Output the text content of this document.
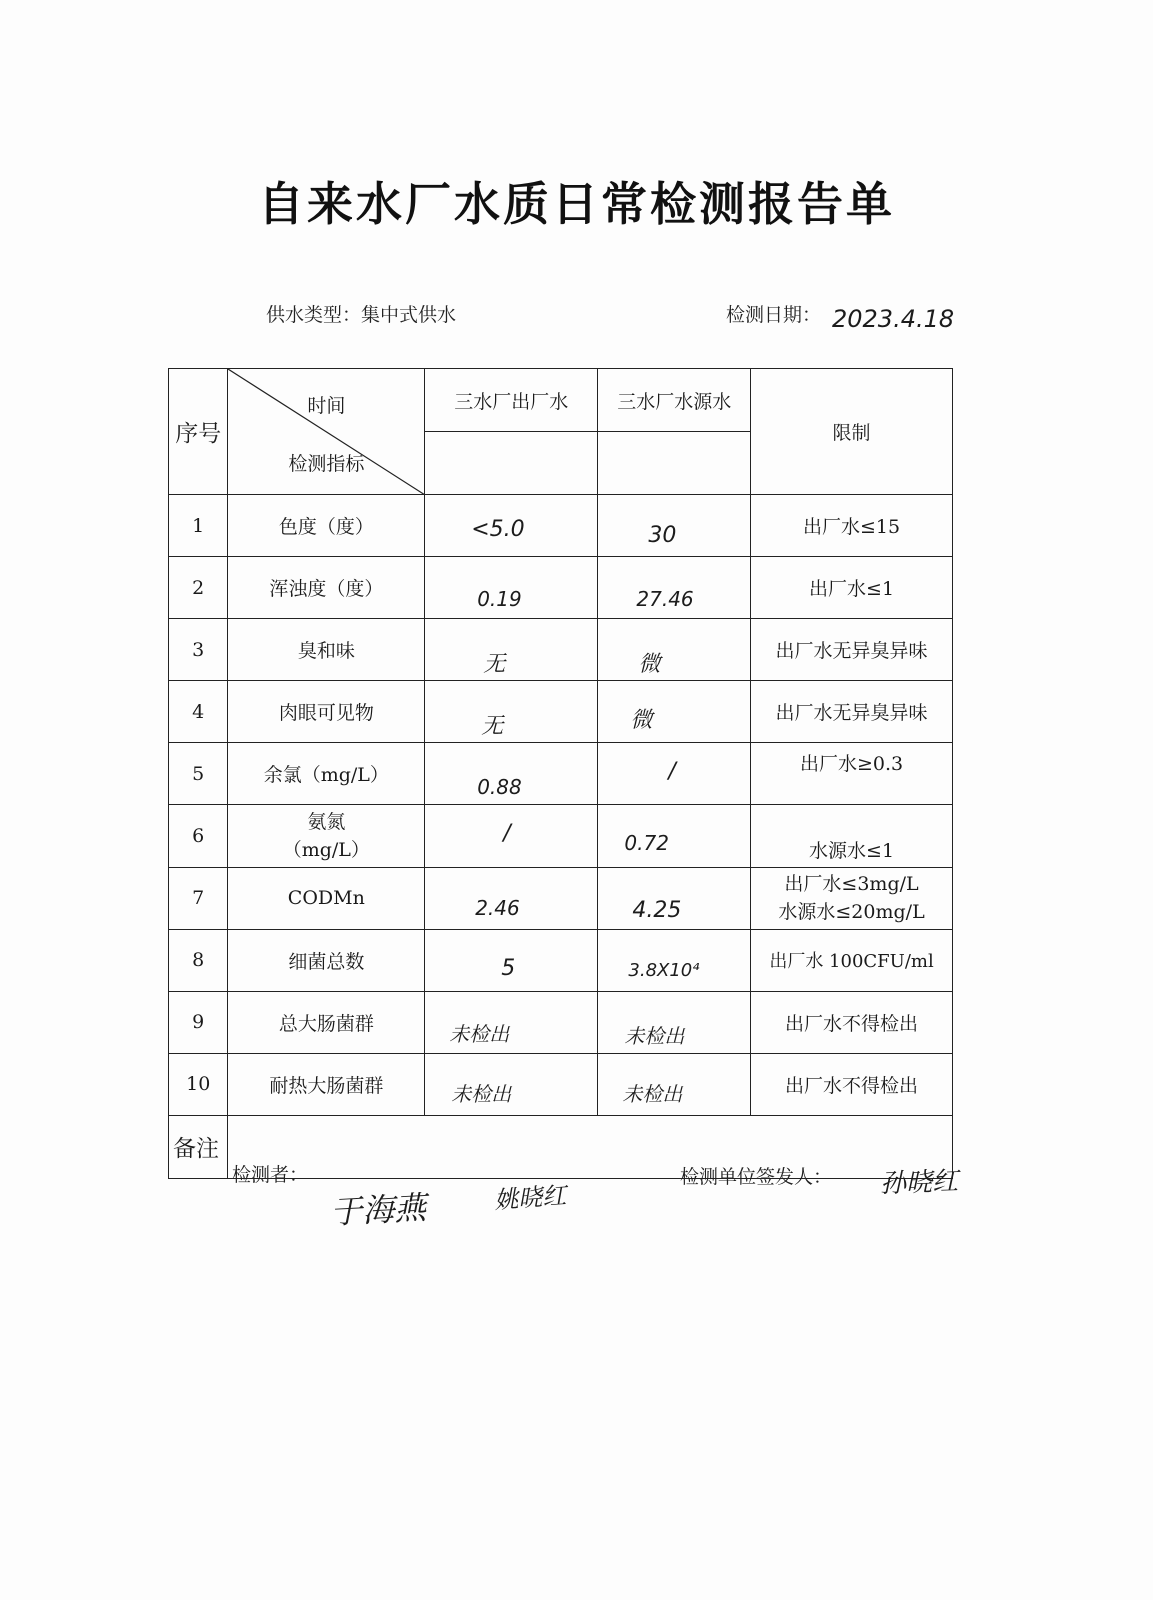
自来水厂水质日常检测报告单
供水类型：集中式供水	检测日期： 2023.4.18
序号	时间
检测指标	三水厂出厂水	三水厂水源水	限制

1	色度（度）	<5.0	30	出厂水≤15
2	浑浊度（度）	0.19	27.46	出厂水≤1
3	臭和味	无	微	出厂水无异臭异味
4	肉眼可见物	无	微	出厂水无异臭异味
5	余氯（mg/L）	0.88	/	出厂水≥0.3
6	氨氮
（mg/L）	/	0.72	水源水≤1
7	CODMn	2.46	4.25	出厂水≤3mg/L
水源水≤20mg/L

8	细菌总数	5	3.8X10⁴	出厂水 100CFU/ml
9	总大肠菌群	未检出	未检出	出厂水不得检出
10	耐热大肠菌群	未检出	未检出	出厂水不得检出
备注				
检测者：
于海燕	姚晓红
检测单位签发人： 孙晓红
